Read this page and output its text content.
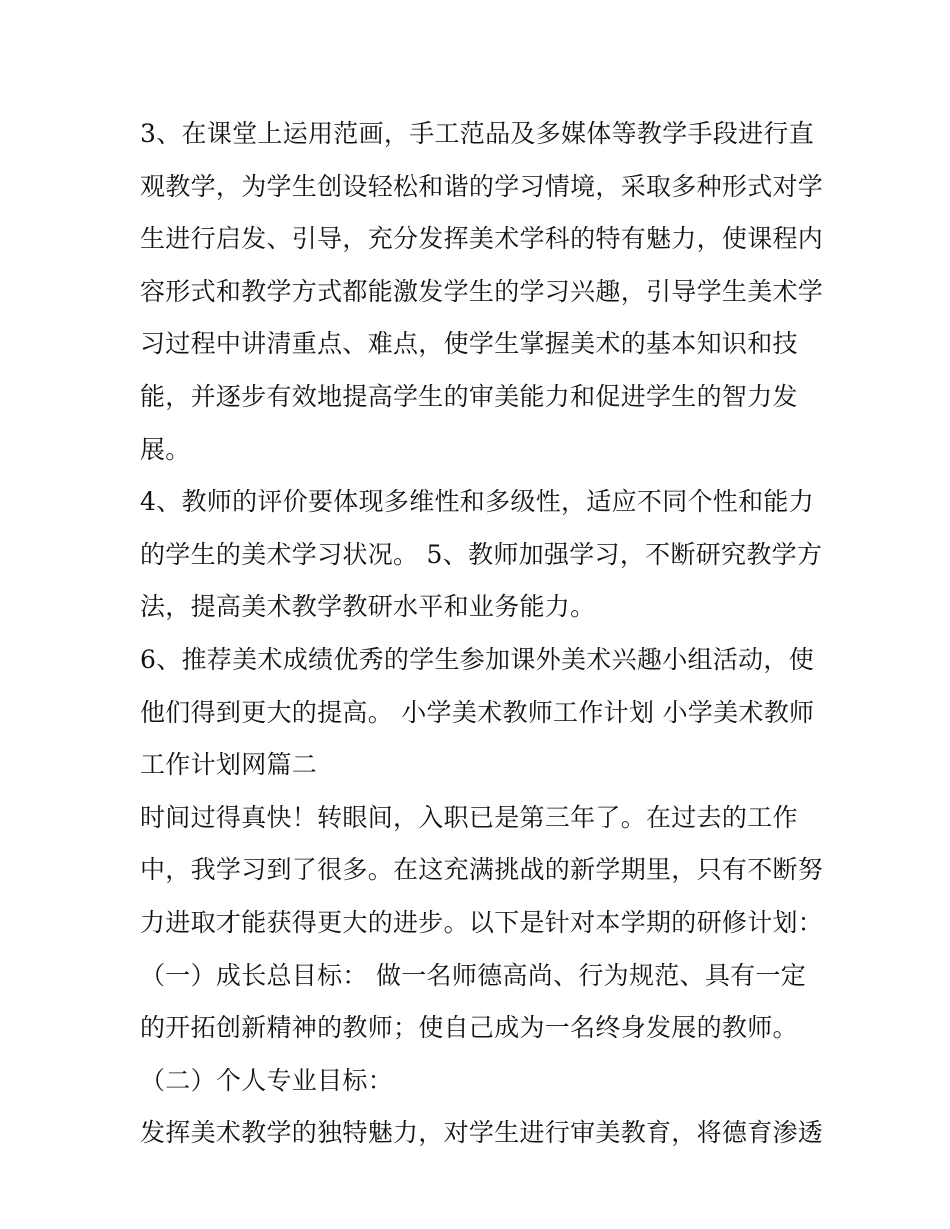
3、在课堂上运用范画，手工范品及多媒体等教学手段进行直
观教学，为学生创设轻松和谐的学习情境，采取多种形式对学
生进行启发、引导，充分发挥美术学科的特有魅力，使课程内
容形式和教学方式都能激发学生的学习兴趣，引导学生美术学
习过程中讲清重点、难点，使学生掌握美术的基本知识和技
能，并逐步有效地提高学生的审美能力和促进学生的智力发
展。
4、教师的评价要体现多维性和多级性，适应不同个性和能力
的学生的美术学习状况。 5、教师加强学习，不断研究教学方
法，提高美术教学教研水平和业务能力。
6、推荐美术成绩优秀的学生参加课外美术兴趣小组活动，使
他们得到更大的提高。 小学美术教师工作计划 小学美术教师
工作计划网篇二
时间过得真快！转眼间，入职已是第三年了。在过去的工作
中，我学习到了很多。在这充满挑战的新学期里，只有不断努
力进取才能获得更大的进步。以下是针对本学期的研修计划：
（一）成长总目标： 做一名师德高尚、行为规范、具有一定
的开拓创新精神的教师；使自己成为一名终身发展的教师。
（二）个人专业目标：
发挥美术教学的独特魅力，对学生进行审美教育，将德育渗透
